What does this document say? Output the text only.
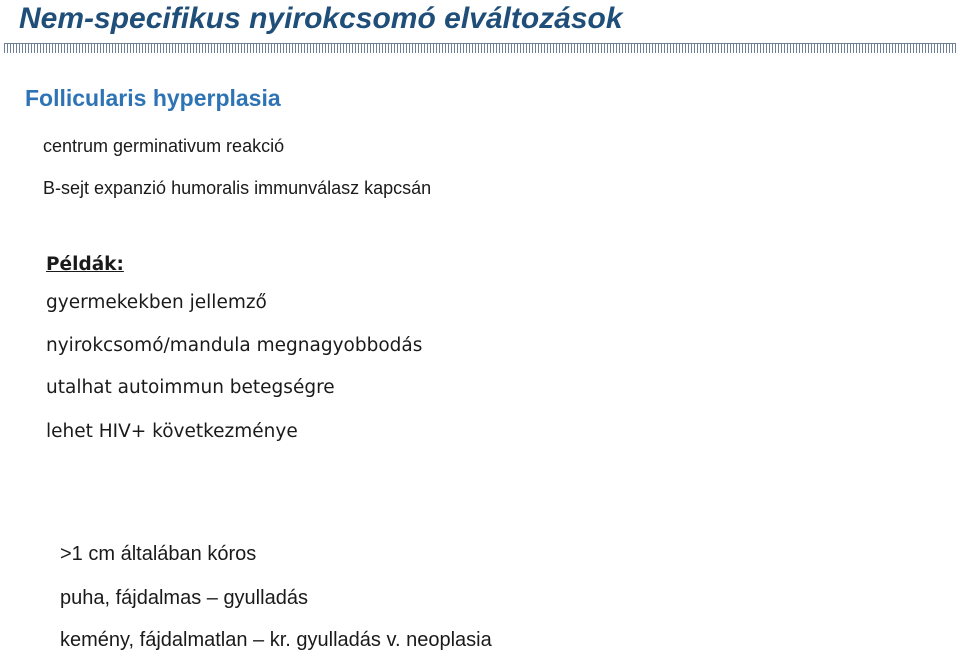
Nem-specifikus nyirokcsomó elváltozások
Follicularis hyperplasia

centrum germinativum reakció

B-sejt expanzió humoralis immunválasz kapcsán

Példák:

gyermekekben jellemző

nyirokcsomó/mandula megnagyobbodás

utalhat autoimmun betegségre

lehet HIV+ következménye

>1 cm általában kóros

puha, fájdalmas – gyulladás

kemény, fájdalmatlan – kr. gyulladás v. neoplasia
